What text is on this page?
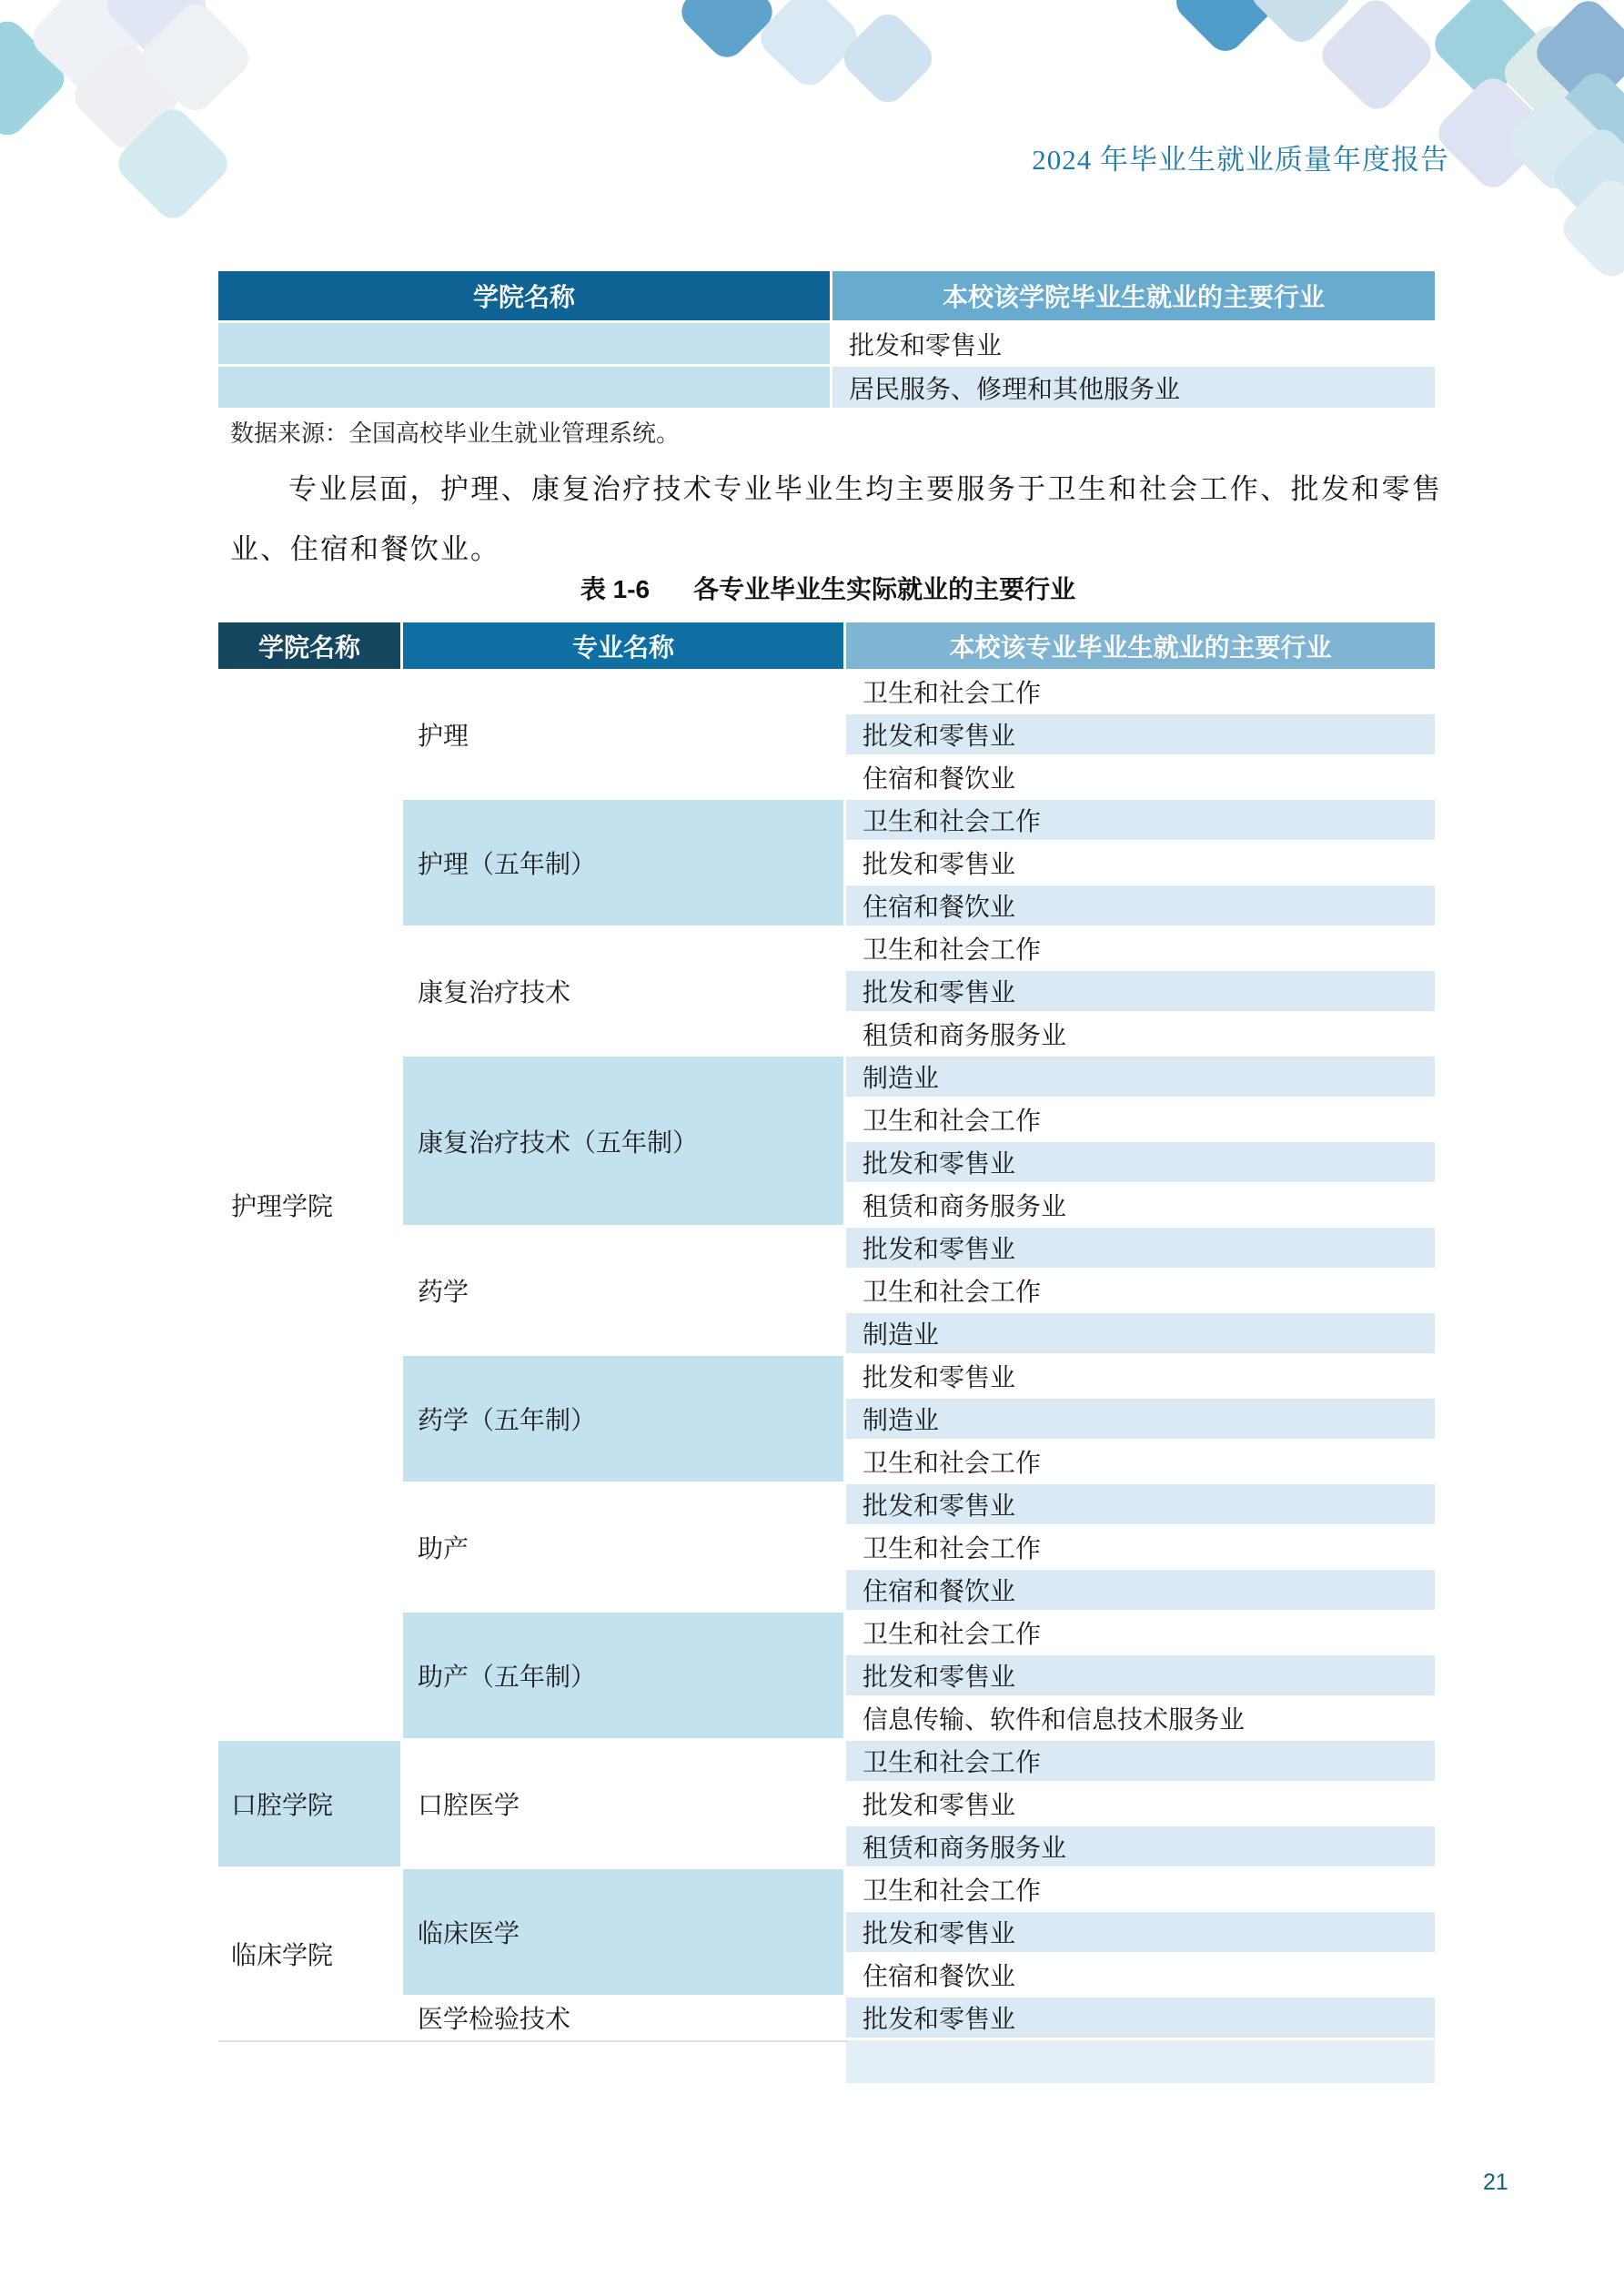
2024 年毕业生就业质量年度报告
学院名称	本校该学院毕业生就业的主要行业
	批发和零售业
	居民服务、修理和其他服务业
数据来源：全国高校毕业生就业管理系统。
专业层面，护理、康复治疗技术专业毕业生均主要服务于卫生和社会工作、批发和零售业、住宿和餐饮业。
表 1-6 各专业毕业生实际就业的主要行业
学院名称	专业名称	本校该专业毕业生就业的主要行业
护理学院	护理	卫生和社会工作
		批发和零售业
		住宿和餐饮业
	护理（五年制）	卫生和社会工作
		批发和零售业
		住宿和餐饮业
	康复治疗技术	卫生和社会工作
		批发和零售业
		租赁和商务服务业
	康复治疗技术（五年制）	制造业
		卫生和社会工作
		批发和零售业
		租赁和商务服务业
	药学	批发和零售业
		卫生和社会工作
		制造业
	药学（五年制）	批发和零售业
		制造业
		卫生和社会工作
	助产	批发和零售业
		卫生和社会工作
		住宿和餐饮业
	助产（五年制）	卫生和社会工作
		批发和零售业
		信息传输、软件和信息技术服务业
口腔学院	口腔医学	卫生和社会工作
		批发和零售业
		租赁和商务服务业
临床学院	临床医学	卫生和社会工作
		批发和零售业
		住宿和餐饮业
	医学检验技术	批发和零售业

21
